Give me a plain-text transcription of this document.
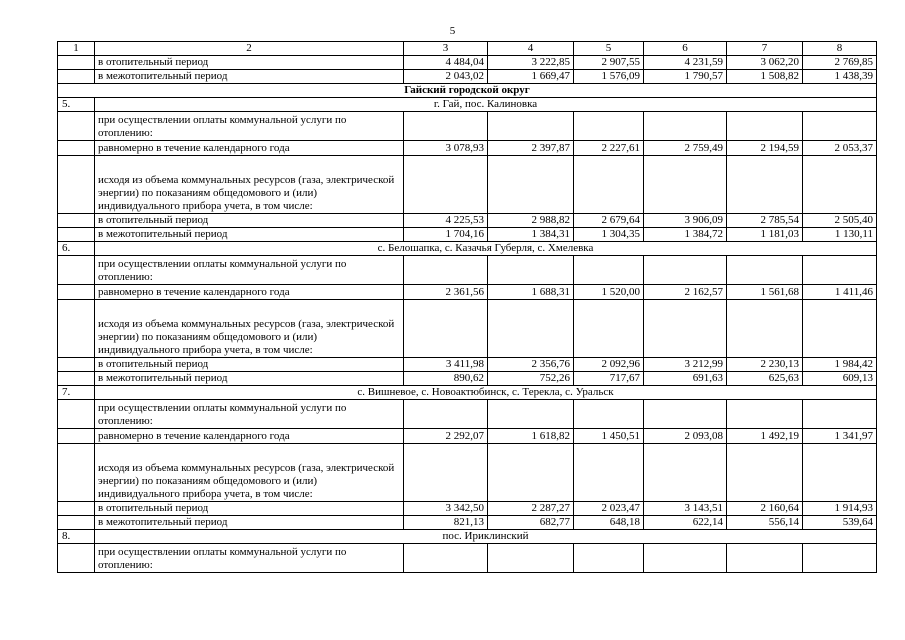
5
1	2	3	4	5	6	7	8
	в отопительный период	4 484,04	3 222,85	2 907,55	4 231,59	3 062,20	2 769,85
	в межотопительный период	2 043,02	1 669,47	1 576,09	1 790,57	1 508,82	1 438,39
Гайский городской округ							
5.	г. Гай, пос. Калиновка						
	при осуществлении оплаты коммунальной услуги по отоплению:						
	равномерно в течение календарного года	3 078,93	2 397,87	2 227,61	2 759,49	2 194,59	2 053,37
	исходя из объема коммунальных ресурсов (газа, электрической энергии) по показаниям общедомового и (или) индивидуального прибора учета, в том числе:						
	в отопительный период	4 225,53	2 988,82	2 679,64	3 906,09	2 785,54	2 505,40
	в межотопительный период	1 704,16	1 384,31	1 304,35	1 384,72	1 181,03	1 130,11
6.	с. Белошапка, с. Казачья Губерля, с. Хмелевка						
	при осуществлении оплаты коммунальной услуги по отоплению:						
	равномерно в течение календарного года	2 361,56	1 688,31	1 520,00	2 162,57	1 561,68	1 411,46
	исходя из объема коммунальных ресурсов (газа, электрической энергии) по показаниям общедомового и (или) индивидуального прибора учета, в том числе:						
	в отопительный период	3 411,98	2 356,76	2 092,96	3 212,99	2 230,13	1 984,42
	в межотопительный период	890,62	752,26	717,67	691,63	625,63	609,13
7.	с. Вишневое, с. Новоактюбинск, с. Терекла, с. Уральск						
	при осуществлении оплаты коммунальной услуги по отоплению:						
	равномерно в течение календарного года	2 292,07	1 618,82	1 450,51	2 093,08	1 492,19	1 341,97
	исходя из объема коммунальных ресурсов (газа, электрической энергии) по показаниям общедомового и (или) индивидуального прибора учета, в том числе:						
	в отопительный период	3 342,50	2 287,27	2 023,47	3 143,51	2 160,64	1 914,93
	в межотопительный период	821,13	682,77	648,18	622,14	556,14	539,64
8.	пос. Ириклинский						
	при осуществлении оплаты коммунальной услуги по отоплению:						
